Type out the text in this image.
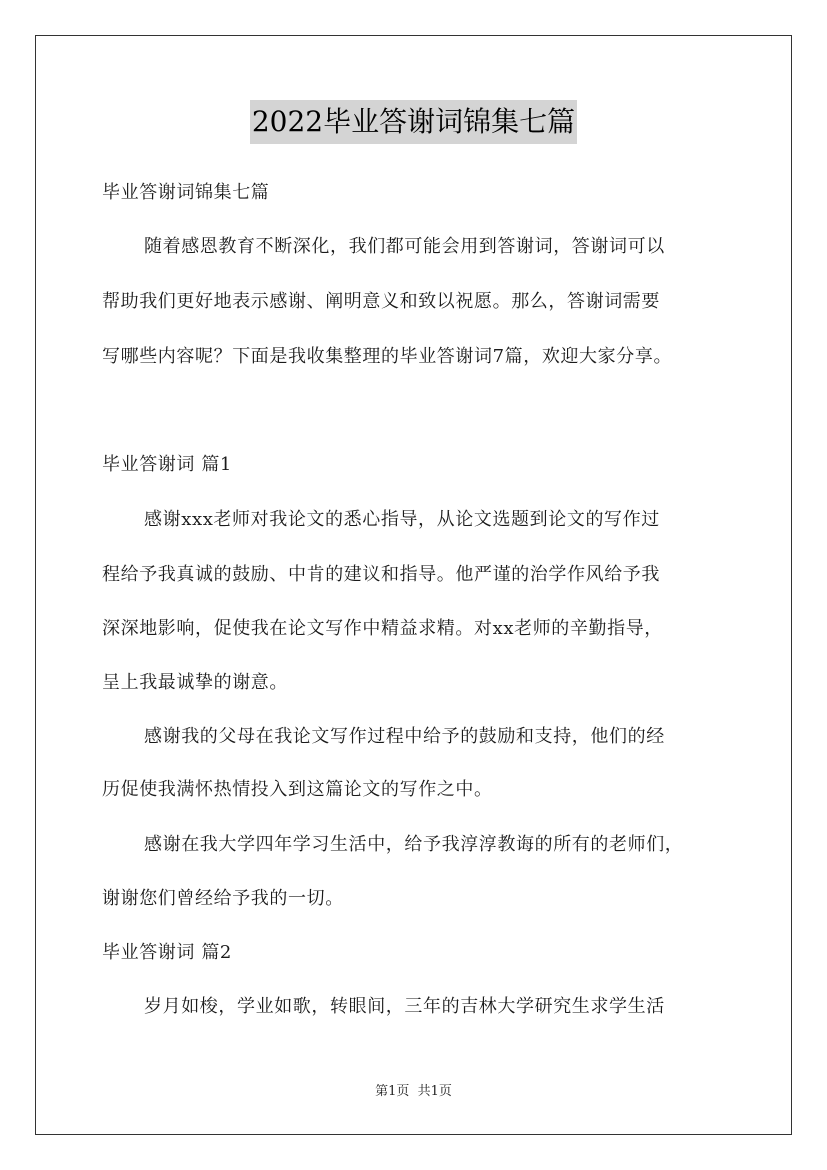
2022毕业答谢词锦集七篇
毕业答谢词锦集七篇
随着感恩教育不断深化，我们都可能会用到答谢词，答谢词可以
帮助我们更好地表示感谢、阐明意义和致以祝愿。那么，答谢词需要
写哪些内容呢？下面是我收集整理的毕业答谢词7篇，欢迎大家分享。
毕业答谢词 篇1
感谢xxx老师对我论文的悉心指导，从论文选题到论文的写作过
程给予我真诚的鼓励、中肯的建议和指导。他严谨的治学作风给予我
深深地影响，促使我在论文写作中精益求精。对xx老师的辛勤指导，
呈上我最诚挚的谢意。
感谢我的父母在我论文写作过程中给予的鼓励和支持，他们的经
历促使我满怀热情投入到这篇论文的写作之中。
感谢在我大学四年学习生活中，给予我淳淳教诲的所有的老师们，
谢谢您们曾经给予我的一切。
毕业答谢词 篇2
岁月如梭，学业如歌，转眼间，三年的吉林大学研究生求学生活
第1页  共1页
